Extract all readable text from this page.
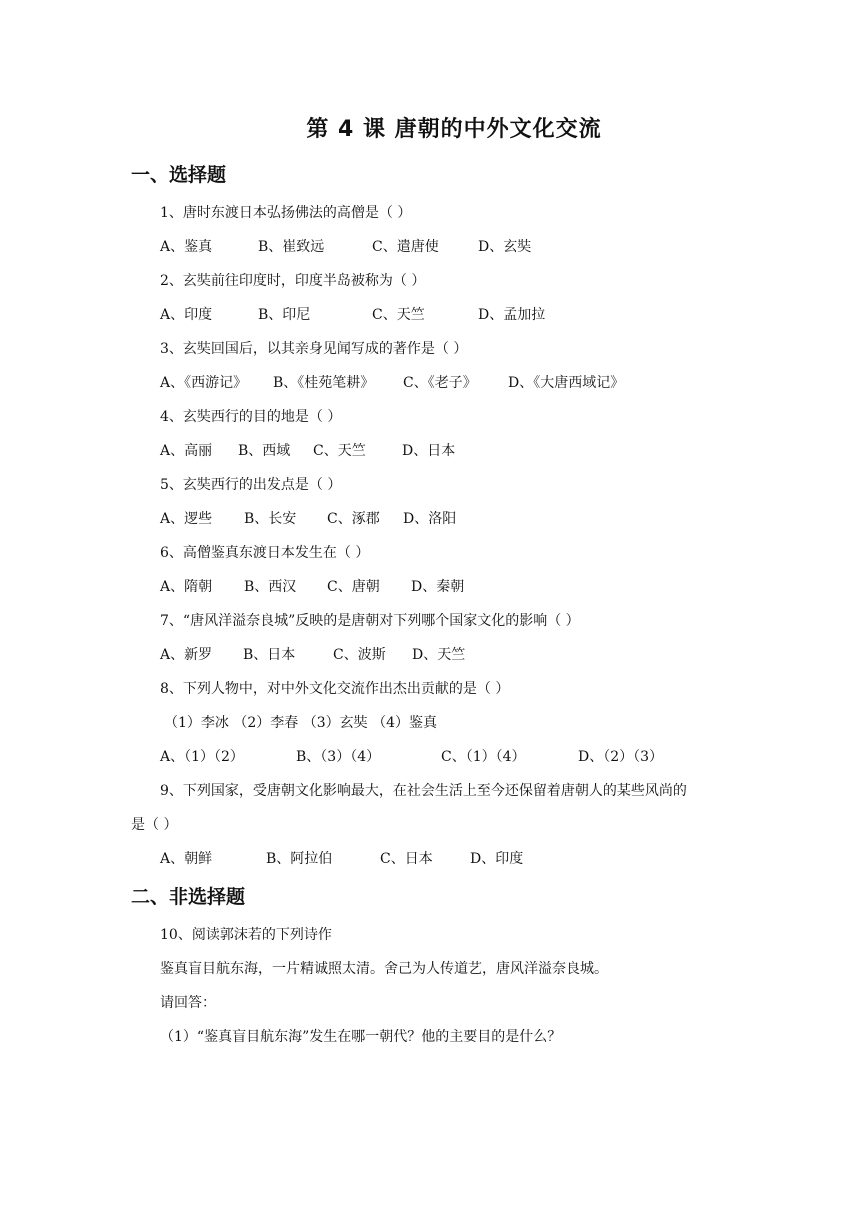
第 4 课 唐朝的中外文化交流
一、选择题
1、唐时东渡日本弘扬佛法的高僧是（ ）
A、鉴真	B、崔致远	C、遣唐使	D、玄奘
2、玄奘前往印度时，印度半岛被称为（ ）
A、印度	B、印尼	C、天竺	D、孟加拉
3、玄奘回国后，以其亲身见闻写成的著作是（ ）
A、《西游记》 B、《桂苑笔耕》 C、《老子》 D、《大唐西域记》
4、玄奘西行的目的地是（ ）
A、高丽 B、西域 C、天竺	D、日本
5、玄奘西行的出发点是（ ）
A、逻些 B、长安 C、涿郡 D、洛阳
6、高僧鉴真东渡日本发生在（ ）
A、隋朝 B、西汉 C、唐朝 D、秦朝
7、“唐风洋溢奈良城”反映的是唐朝对下列哪个国家文化的影响（ ）
A、新罗 B、日本	C、波斯 D、天竺
8、下列人物中，对中外文化交流作出杰出贡献的是（ ）
（1）李冰 （2）李春 （3）玄奘 （4）鉴真
A、（1）（2）	B、（3）（4）	C、（1）（4）	D、（2）（3）
9、下列国家，受唐朝文化影响最大，在社会生活上至今还保留着唐朝人的某些风尚的
是（ ）
A、朝鲜	B、阿拉伯	C、日本	D、印度
二、非选择题
10、阅读郭沫若的下列诗作
鉴真盲目航东海，一片精诚照太清。舍己为人传道艺，唐风洋溢奈良城。
请回答：
（1）“鉴真盲目航东海”发生在哪一朝代？他的主要目的是什么？
